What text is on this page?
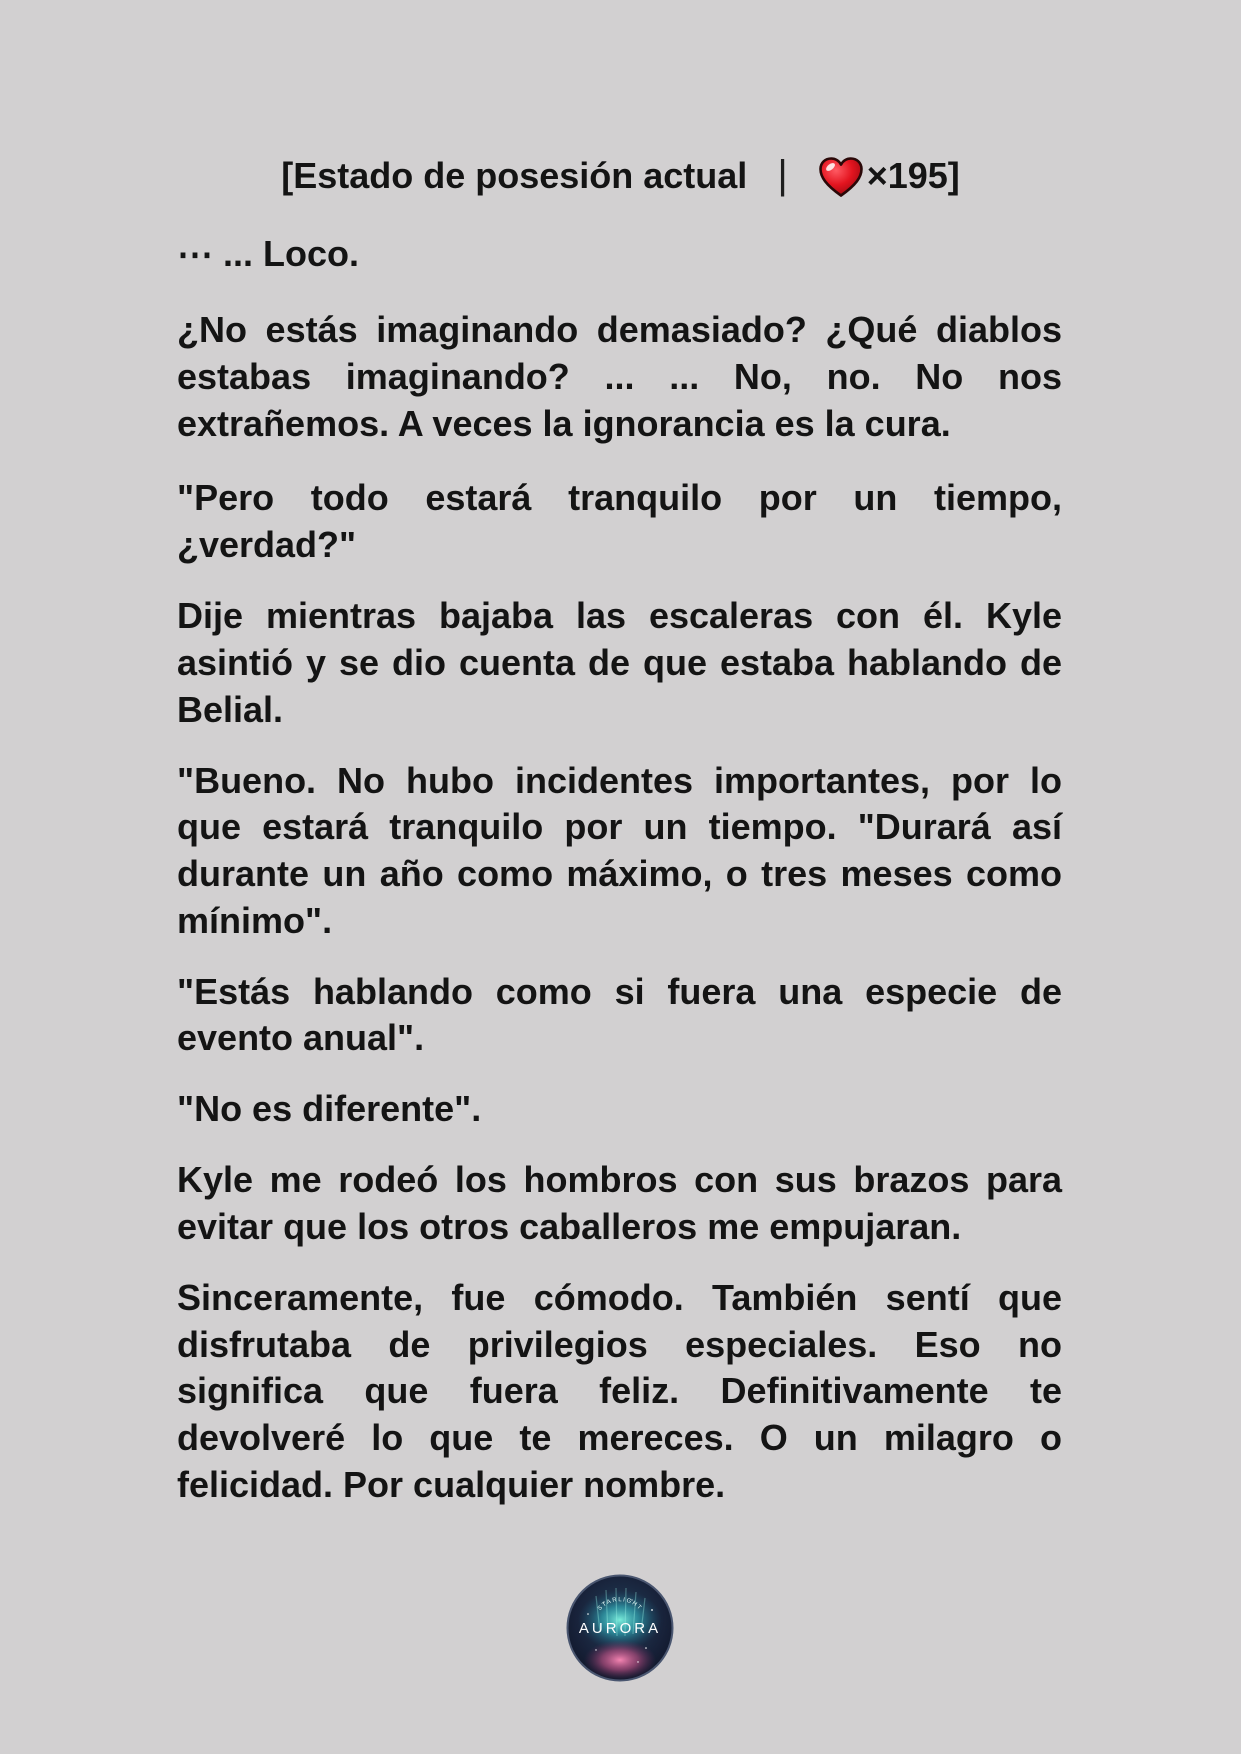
[Estado de posesión actual | ×195]
⋯ ... Loco.
¿No estás imaginando demasiado? ¿Qué diablos
estabas imaginando? ... ... No, no. No nos
extrañemos. A veces la ignorancia es la cura.
"Pero todo estará tranquilo por un tiempo,
¿verdad?"
Dije mientras bajaba las escaleras con él. Kyle
asintió y se dio cuenta de que estaba hablando de
Belial.
"Bueno. No hubo incidentes importantes, por lo
que estará tranquilo por un tiempo. "Durará así
durante un año como máximo, o tres meses como
mínimo".
"Estás hablando como si fuera una especie de
evento anual".
"No es diferente".
Kyle me rodeó los hombros con sus brazos para
evitar que los otros caballeros me empujaran.
Sinceramente, fue cómodo. También sentí que
disfrutaba de privilegios especiales. Eso no
significa que fuera feliz. Definitivamente te
devolveré lo que te mereces. O un milagro o
felicidad. Por cualquier nombre.
STARLIGHT
AURORA
